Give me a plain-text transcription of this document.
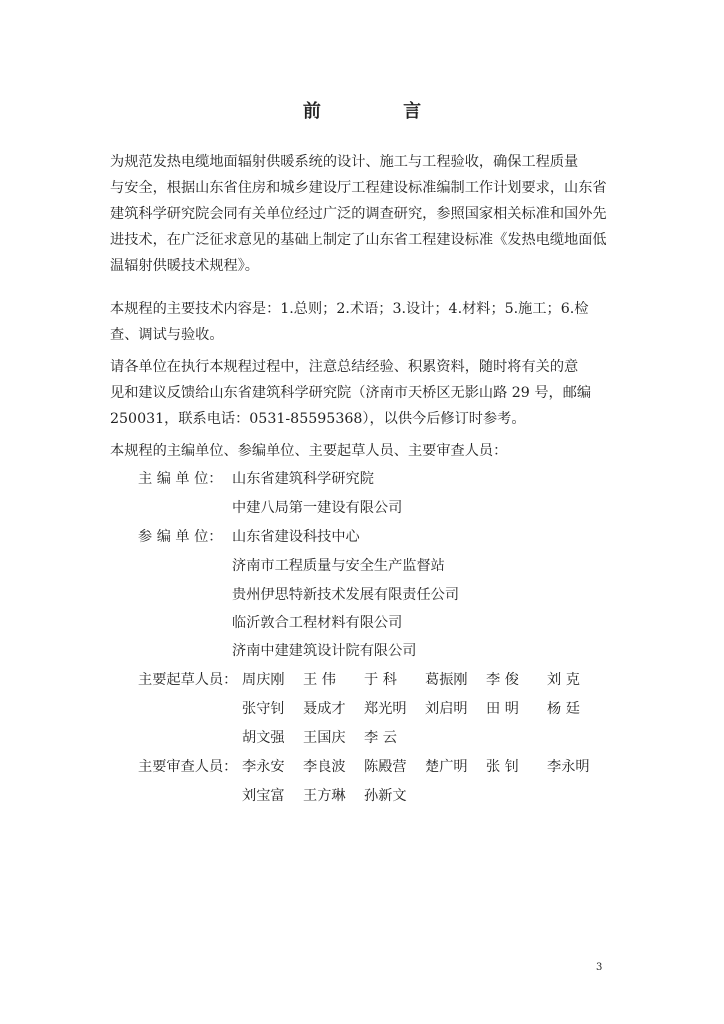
前 言
为规范发热电缆地面辐射供暖系统的设计、施工与工程验收，确保工程质量
与安全，根据山东省住房和城乡建设厅工程建设标准编制工作计划要求，山东省
建筑科学研究院会同有关单位经过广泛的调查研究，参照国家相关标准和国外先
进技术，在广泛征求意见的基础上制定了山东省工程建设标准《发热电缆地面低
温辐射供暖技术规程》。
本规程的主要技术内容是：1.总则；2.术语；3.设计；4.材料；5.施工；6.检
查、调试与验收。
请各单位在执行本规程过程中，注意总结经验、积累资料，随时将有关的意
见和建议反馈给山东省建筑科学研究院（济南市天桥区无影山路 29 号，邮编
250031，联系电话：0531-85595368），以供今后修订时参考。
本规程的主编单位、参编单位、主要起草人员、主要审查人员：
主 编 单 位： 山东省建筑科学研究院
中建八局第一建设有限公司
参 编 单 位： 山东省建设科技中心
济南市工程质量与安全生产监督站
贵州伊思特新技术发展有限责任公司
临沂敦合工程材料有限公司
济南中建建筑设计院有限公司
主要起草人员： 周庆刚	王 伟	于 科	葛振刚	李 俊	刘 克
张守钊	聂成才	郑光明	刘启明	田 明	杨 廷
胡文强	王国庆	李 云
主要审查人员： 李永安	李良波	陈殿营	楚广明	张 钊	李永明
刘宝富	王方琳	孙新文
3
